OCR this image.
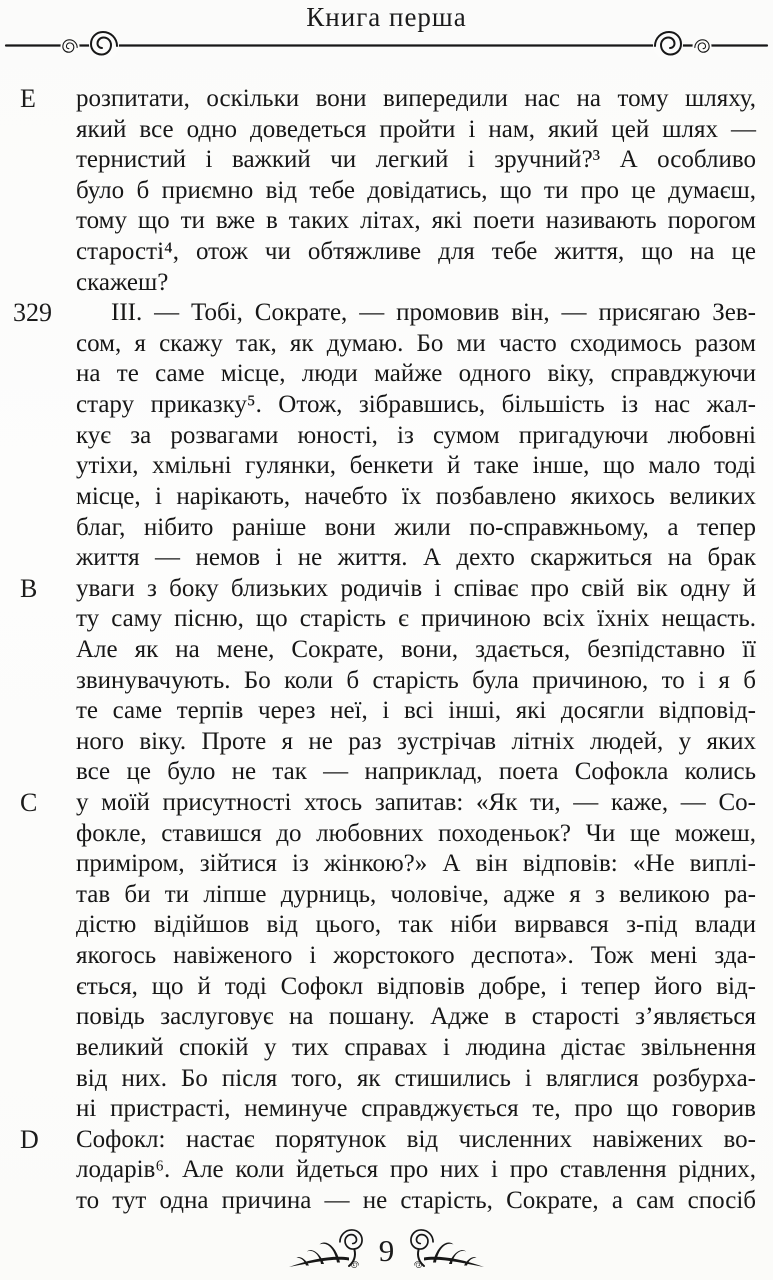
Книга перша
E
329
B
C
D
розпитати, оскільки вони випередили нас на тому шляху,
який все одно доведеться пройти і нам, який цей шлях —
тернистий і важкий чи легкий і зручний?³ А особливо
було б приємно від тебе довідатись, що ти про це думаєш,
тому що ти вже в таких літах, які поети називають порогом
старості⁴, отож чи обтяжливе для тебе життя, що на це
скажеш?
III. — Тобі, Сократе, — промовив він, — присягаю Зев-
сом, я скажу так, як думаю. Бо ми часто сходимось разом
на те саме місце, люди майже одного віку, справджуючи
стару приказку⁵. Отож, зібравшись, більшість із нас жал-
кує за розвагами юності, із сумом пригадуючи любовні
утіхи, хмільні гулянки, бенкети й таке інше, що мало тоді
місце, і нарікають, начебто їх позбавлено якихось великих
благ, нібито раніше вони жили по-справжньому, а тепер
життя — немов і не життя. А дехто скаржиться на брак
уваги з боку близьких родичів і співає про свій вік одну й
ту саму пісню, що старість є причиною всіх їхніх нещасть.
Але як на мене, Сократе, вони, здається, безпідставно її
звинувачують. Бо коли б старість була причиною, то і я б
те саме терпів через неї, і всі інші, які досягли відповід-
ного віку. Проте я не раз зустрічав літніх людей, у яких
все це було не так — наприклад, поета Софокла колись
у моїй присутності хтось запитав: «Як ти, — каже, — Со-
фокле, ставишся до любовних походеньок? Чи ще можеш,
приміром, зійтися із жінкою?» А він відповів: «Не виплі-
тав би ти ліпше дурниць, чоловіче, адже я з великою ра-
дістю відійшов від цього, так ніби вирвався з-під влади
якогось навіженого і жорстокого деспота». Тож мені зда-
ється, що й тоді Софокл відповів добре, і тепер його від-
повідь заслуговує на пошану. Адже в старості з’являється
великий спокій у тих справах і людина дістає звільнення
від них. Бо після того, як стишились і вляглися розбурха-
ні пристрасті, неминуче справджується те, про що говорив
Софокл: настає порятунок від численних навіжених во-
лодарів⁶. Але коли йдеться про них і про ставлення рідних,
то тут одна причина — не старість, Сократе, а сам спосіб
9
